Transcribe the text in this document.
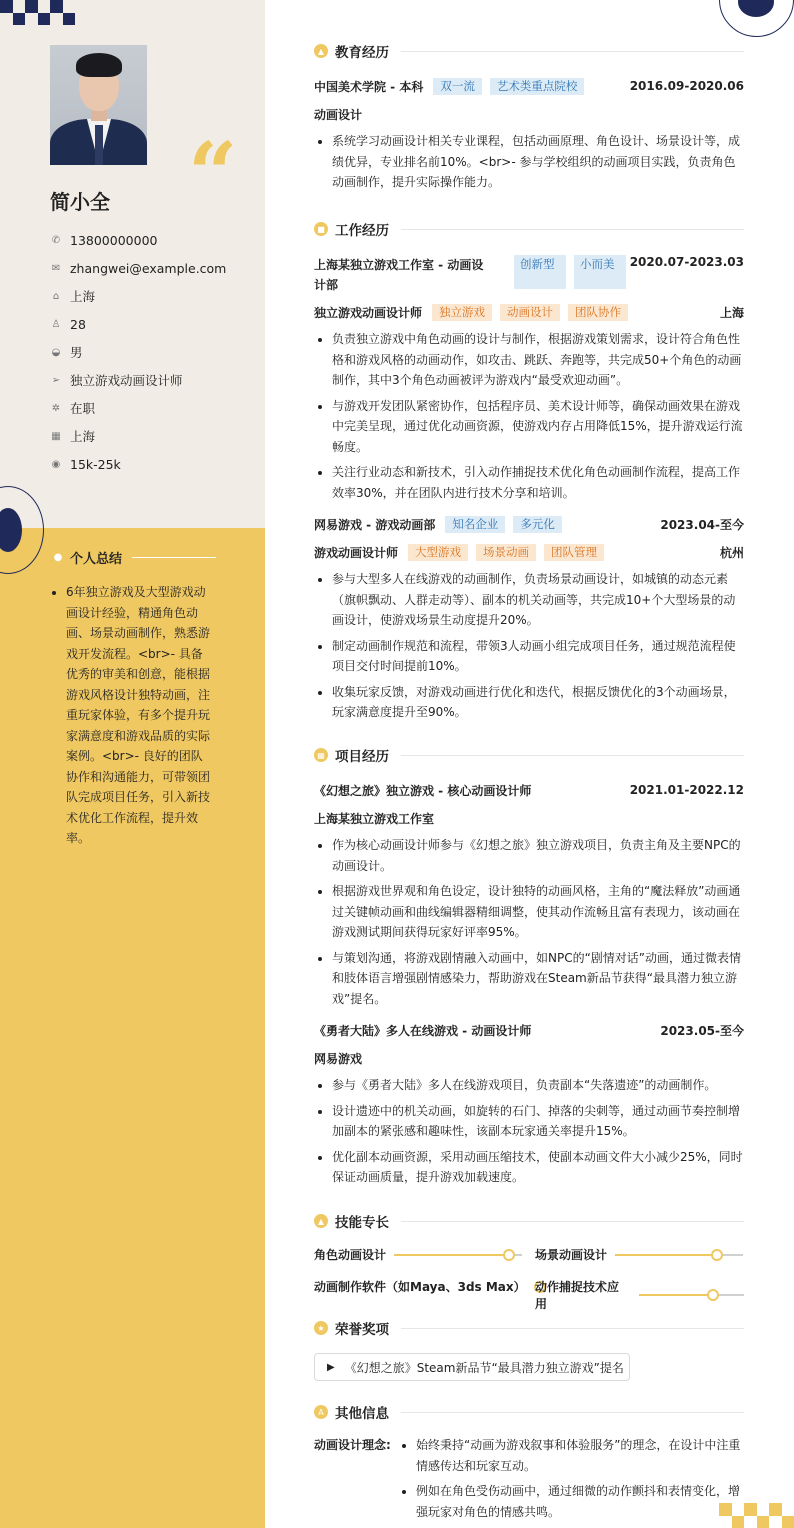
“
简小全
✆ 13800000000
✉ zhangwei@example.com
⌂ 上海
♙ 28
◒ 男
➢ 独立游戏动画设计师
✲ 在职
▦ 上海
◉ 15k-25k
● 个人总结
• 6年独立游戏及大型游戏动画设计经验，精通角色动画、场景动画制作，熟悉游戏开发流程。<br>- 具备优秀的审美和创意，能根据游戏风格设计独特动画，注重玩家体验，有多个提升玩家满意度和游戏品质的实际案例。<br>- 良好的团队协作和沟通能力，可带领团队完成项目任务，引入新技术优化工作流程，提升效率。
▲ 教育经历
中国美术学院 - 本科	双一流	艺术类重点院校	2016.09-2020.06
动画设计
• 系统学习动画设计相关专业课程，包括动画原理、角色设计、场景设计等，成绩优异，专业排名前10%。<br>- 参与学校组织的动画项目实践，负责角色动画制作，提升实际操作能力。
■ 工作经历
上海某独立游戏工作室 - 动画设计部
创新型	小而美	2020.07-2023.03
独立游戏动画设计师	独立游戏	动画设计	团队协作	上海
• 负责独立游戏中角色动画的设计与制作，根据游戏策划需求，设计符合角色性格和游戏风格的动画动作，如攻击、跳跃、奔跑等，共完成50+个角色的动画制作，其中3个角色动画被评为游戏内“最受欢迎动画”。
• 与游戏开发团队紧密协作，包括程序员、美术设计师等，确保动画效果在游戏中完美呈现，通过优化动画资源，使游戏内存占用降低15%，提升游戏运行流畅度。
• 关注行业动态和新技术，引入动作捕捉技术优化角色动画制作流程，提高工作效率30%，并在团队内进行技术分享和培训。
网易游戏 - 游戏动画部	知名企业	多元化	2023.04-至今
游戏动画设计师	大型游戏	场景动画	团队管理	杭州
• 参与大型多人在线游戏的动画制作，负责场景动画设计，如城镇的动态元素（旗帜飘动、人群走动等）、副本的机关动画等，共完成10+个大型场景的动画设计，使游戏场景生动度提升20%。
• 制定动画制作规范和流程，带领3人动画小组完成项目任务，通过规范流程使项目交付时间提前10%。
• 收集玩家反馈，对游戏动画进行优化和迭代，根据反馈优化的3个动画场景，玩家满意度提升至90%。
▦ 项目经历
《幻想之旅》独立游戏 - 核心动画设计师	2021.01-2022.12
上海某独立游戏工作室
• 作为核心动画设计师参与《幻想之旅》独立游戏项目，负责主角及主要NPC的动画设计。
• 根据游戏世界观和角色设定，设计独特的动画风格，主角的“魔法释放”动画通过关键帧动画和曲线编辑器精细调整，使其动作流畅且富有表现力，该动画在游戏测试期间获得玩家好评率95%。
• 与策划沟通，将游戏剧情融入动画中，如NPC的“剧情对话”动画，通过微表情和肢体语言增强剧情感染力，帮助游戏在Steam新品节获得“最具潜力独立游戏”提名。
《勇者大陆》多人在线游戏 - 动画设计师	2023.05-至今
网易游戏
• 参与《勇者大陆》多人在线游戏项目，负责副本“失落遗迹”的动画制作。
• 设计遗迹中的机关动画，如旋转的石门、掉落的尖刺等，通过动画节奏控制增加副本的紧张感和趣味性，该副本玩家通关率提升15%。
• 优化副本动画资源，采用动画压缩技术，使副本动画文件大小减少25%，同时保证动画质量，提升游戏加载速度。
▲ 技能专长
角色动画设计	场景动画设计
动画制作软件（如Maya、3ds Max） 动作捕捉技术应用
★ 荣誉奖项
▶ 《幻想之旅》Steam新品节“最具潜力独立游戏”提名
A 其他信息
动画设计理念:
•	始终秉持“动画为游戏叙事和体验服务”的理念，在设计中注重情感传达和玩家互动。
• 例如在角色受伤动画中，通过细微的动作颤抖和表情变化，增强玩家对角色的情感共鸣。
